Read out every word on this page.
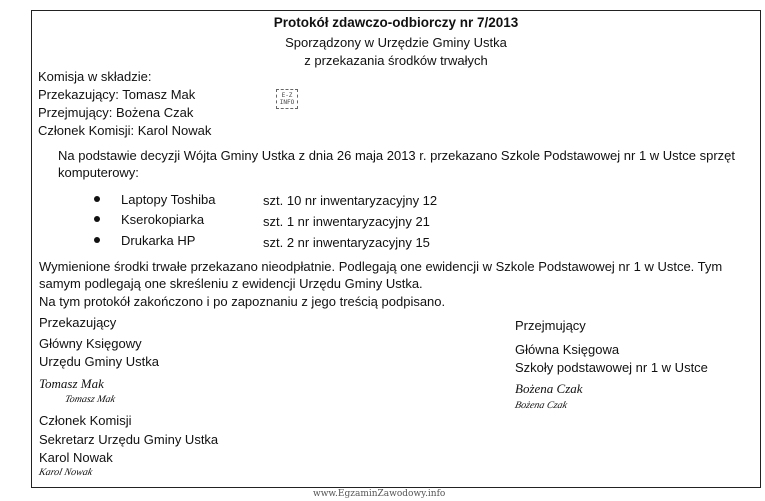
Protokół zdawczo-odbiorczy nr 7/2013
Sporządzony w Urzędzie Gminy Ustka
z przekazania środków trwałych
Komisja w składzie:
Przekazujący: Tomasz Mak
Przejmujący: Bożena Czak
Członek Komisji: Karol Nowak
E-Z
INFO
Na podstawie decyzji Wójta Gminy Ustka z dnia 26 maja 2013 r. przekazano Szkole Podstawowej nr 1 w Ustce sprzęt
komputerowy:
Laptopy Toshiba	szt. 10 nr inwentaryzacyjny 12
Kserokopiarka	szt. 1 nr inwentaryzacyjny 21
Drukarka HP	szt. 2 nr inwentaryzacyjny 15
Wymienione środki trwałe przekazano nieodpłatnie. Podlegają one ewidencji w Szkole Podstawowej nr 1 w Ustce. Tym
samym podlegają one skreśleniu z ewidencji Urzędu Gminy Ustka.
Na tym protokół zakończono i po zapoznaniu z jego treścią podpisano.
Przekazujący
Główny Księgowy
Urzędu Gminy Ustka
Tomasz Mak
Tomasz Mak
Członek Komisji
Sekretarz Urzędu Gminy Ustka
Karol Nowak
Karol Nowak
Przejmujący
Główna Księgowa
Szkoły podstawowej nr 1 w Ustce
Bożena Czak
Bożena Czak
www.EgzaminZawodowy.info
